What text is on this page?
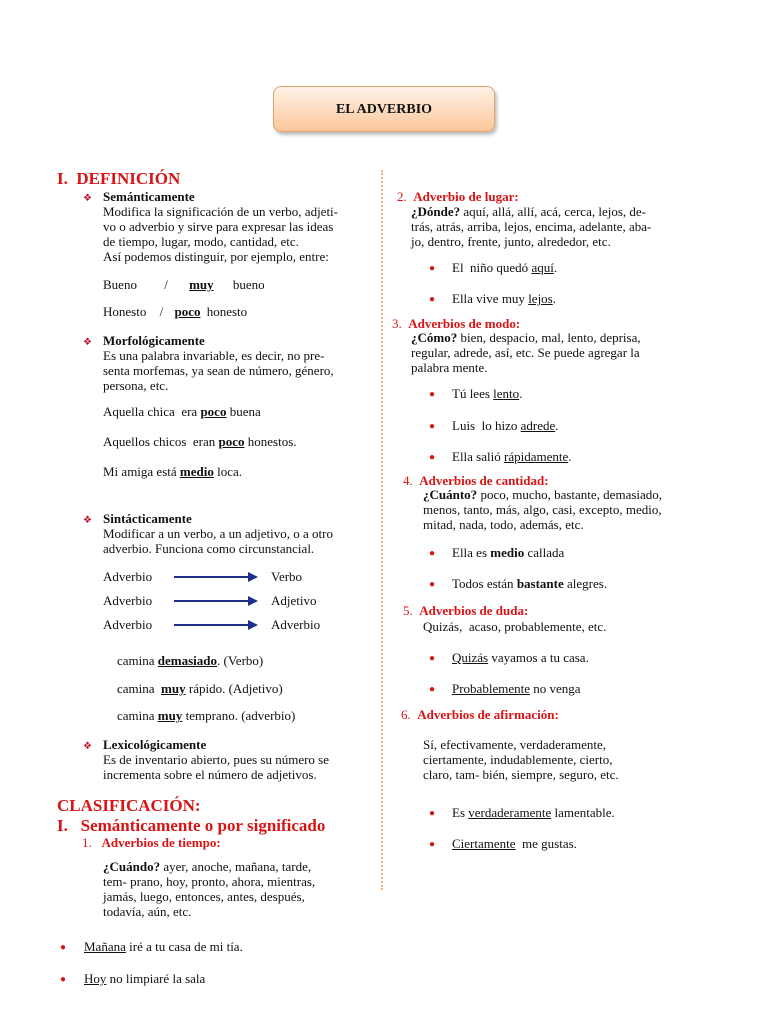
EL ADVERBIO
I. DEFINICIÓN
❖ Semánticamente
Modifica la significación de un verbo, adjeti-
vo o adverbio y sirve para expresar las ideas
de tiempo, lugar, modo, cantidad, etc.
Así podemos distinguir, por ejemplo, entre:
Bueno / muy bueno
Honesto / poco honesto
❖ Morfológicamente
Es una palabra invariable, es decir, no pre-
senta morfemas, ya sean de número, género,
persona, etc.
Aquella chica  era poco buena
Aquellos chicos  eran poco honestos.
Mi amiga está medio loca.
❖ Sintácticamente
Modificar a un verbo, a un adjetivo, o a otro
adverbio. Funciona como circunstancial.
Adverbio	Verbo
Adverbio	Adjetivo
Adverbio	Adverbio
camina demasiado. (Verbo)
camina  muy rápido. (Adjetivo)
camina muy temprano. (adverbio)
❖ Lexicológicamente
Es de inventario abierto, pues su número se
incrementa sobre el número de adjetivos.
CLASIFICACIÓN:
I. Semánticamente o por significado
1. Adverbios de tiempo:
¿Cuándo? ayer, anoche, mañana, tarde,
tem- prano, hoy, pronto, ahora, mientras,
jamás, luego, entonces, antes, después,
todavía, aún, etc.
● Mañana iré a tu casa de mi tía.
● Hoy no limpiaré la sala
2. Adverbio de lugar:
¿Dónde? aquí, allá, allí, acá, cerca, lejos, de-
trás, atrás, arriba, lejos, encima, adelante, aba-
jo, dentro, frente, junto, alrededor, etc.
● El  niño quedó aquí.
● Ella vive muy lejos.
3. Adverbios de modo:
¿Cómo? bien, despacio, mal, lento, deprisa,
regular, adrede, así, etc. Se puede agregar la
palabra mente.
● Tú lees lento.
● Luis  lo hizo adrede.
● Ella salió rápidamente.
4. Adverbios de cantidad:
¿Cuánto? poco, mucho, bastante, demasiado,
menos, tanto, más, algo, casi, excepto, medio,
mitad, nada, todo, además, etc.
● Ella es medio callada
● Todos están bastante alegres.
5. Adverbios de duda:
Quizás,  acaso, probablemente, etc.
● Quizás vayamos a tu casa.
● Probablemente no venga
6. Adverbios de afirmación:
Sí, efectivamente, verdaderamente,
ciertamente, indudablemente, cierto,
claro, tam- bién, siempre, seguro, etc.
● Es verdaderamente lamentable.
● Ciertamente  me gustas.
